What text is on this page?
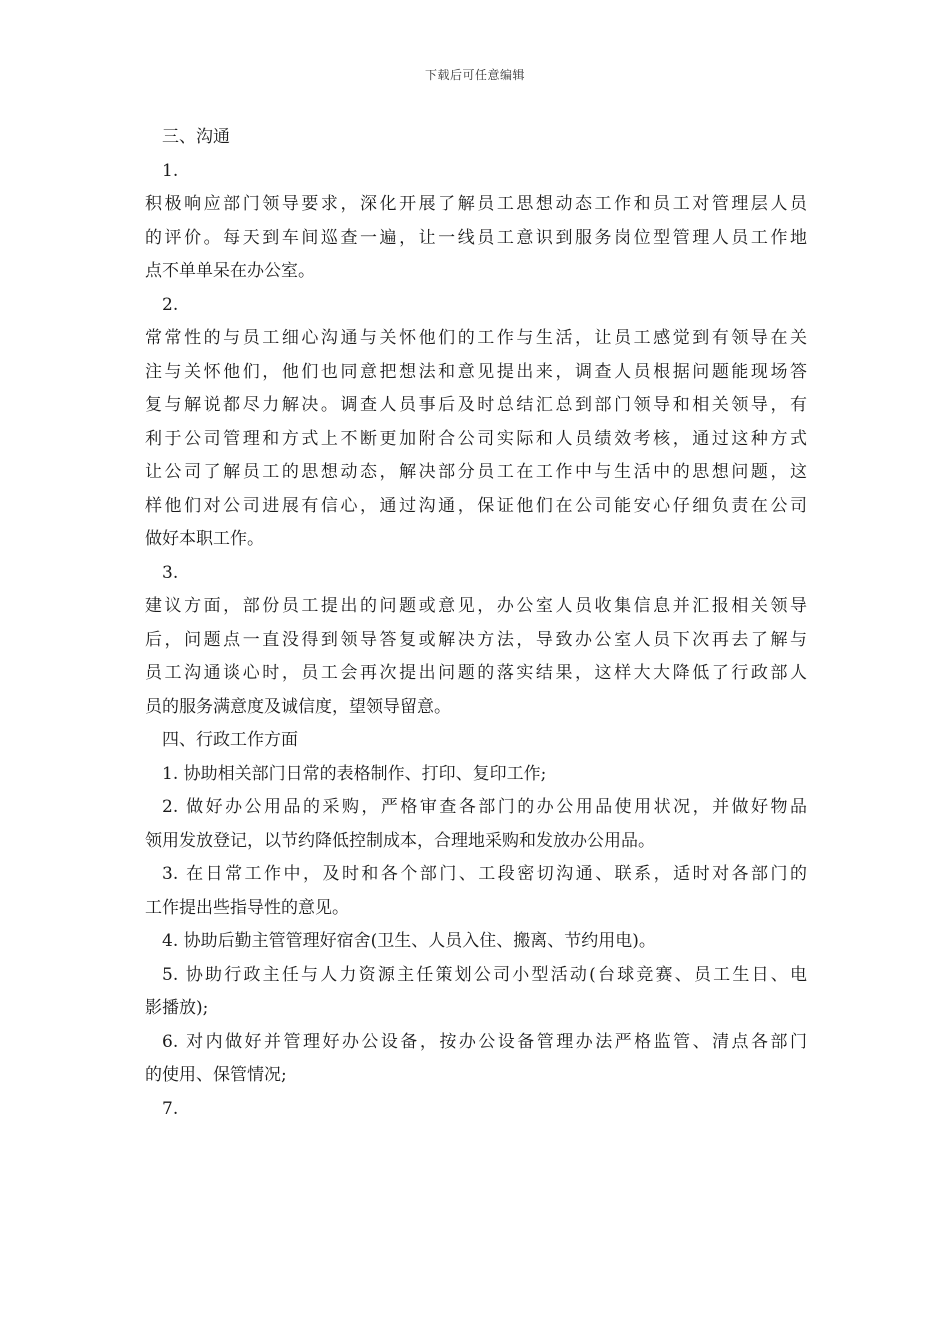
下载后可任意编辑
三、沟通
1.
积极响应部门领导要求，深化开展了解员工思想动态工作和员工对管理层人员
的评价。每天到车间巡查一遍，让一线员工意识到服务岗位型管理人员工作地
点不单单呆在办公室。
2.
常常性的与员工细心沟通与关怀他们的工作与生活，让员工感觉到有领导在关
注与关怀他们，他们也同意把想法和意见提出来，调查人员根据问题能现场答
复与解说都尽力解决。调查人员事后及时总结汇总到部门领导和相关领导，有
利于公司管理和方式上不断更加附合公司实际和人员绩效考核，通过这种方式
让公司了解员工的思想动态，解决部分员工在工作中与生活中的思想问题，这
样他们对公司进展有信心，通过沟通，保证他们在公司能安心仔细负责在公司
做好本职工作。
3.
建议方面，部份员工提出的问题或意见，办公室人员收集信息并汇报相关领导
后，问题点一直没得到领导答复或解决方法，导致办公室人员下次再去了解与
员工沟通谈心时，员工会再次提出问题的落实结果，这样大大降低了行政部人
员的服务满意度及诚信度，望领导留意。
四、行政工作方面
1. 协助相关部门日常的表格制作、打印、复印工作;
2. 做好办公用品的采购，严格审查各部门的办公用品使用状况，并做好物品
领用发放登记，以节约降低控制成本，合理地采购和发放办公用品。
3. 在日常工作中，及时和各个部门、工段密切沟通、联系，适时对各部门的
工作提出些指导性的意见。
4. 协助后勤主管管理好宿舍(卫生、人员入住、搬离、节约用电)。
5. 协助行政主任与人力资源主任策划公司小型活动(台球竞赛、员工生日、电
影播放);
6. 对内做好并管理好办公设备，按办公设备管理办法严格监管、清点各部门
的使用、保管情况;
7.
